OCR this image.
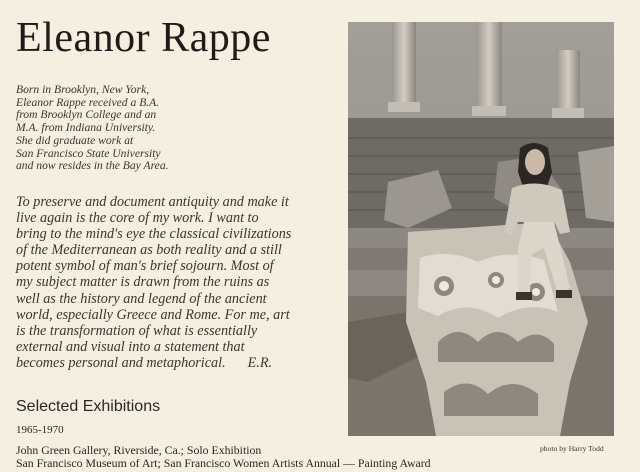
Eleanor Rappe
Born in Brooklyn, New York,
Eleanor Rappe received a B.A.
from Brooklyn College and an
M.A. from Indiana University.
She did graduate work at
San Francisco State University
and now resides in the Bay Area.
To preserve and document antiquity and make it
live again is the core of my work. I want to
bring to the mind's eye the classical civilizations
of the Mediterranean as both reality and a still
potent symbol of man's brief sojourn. Most of
my subject matter is drawn from the ruins as
well as the history and legend of the ancient
world, especially Greece and Rome. For me, art
is the transformation of what is essentially
external and visual into a statement that
becomes personal and metaphorical. E.R.
Selected Exhibitions
1965-1970
John Green Gallery, Riverside, Ca.; Solo Exhibition
San Francisco Museum of Art; San Francisco Women Artists Annual — Painting Award
photo by Harry Todd
